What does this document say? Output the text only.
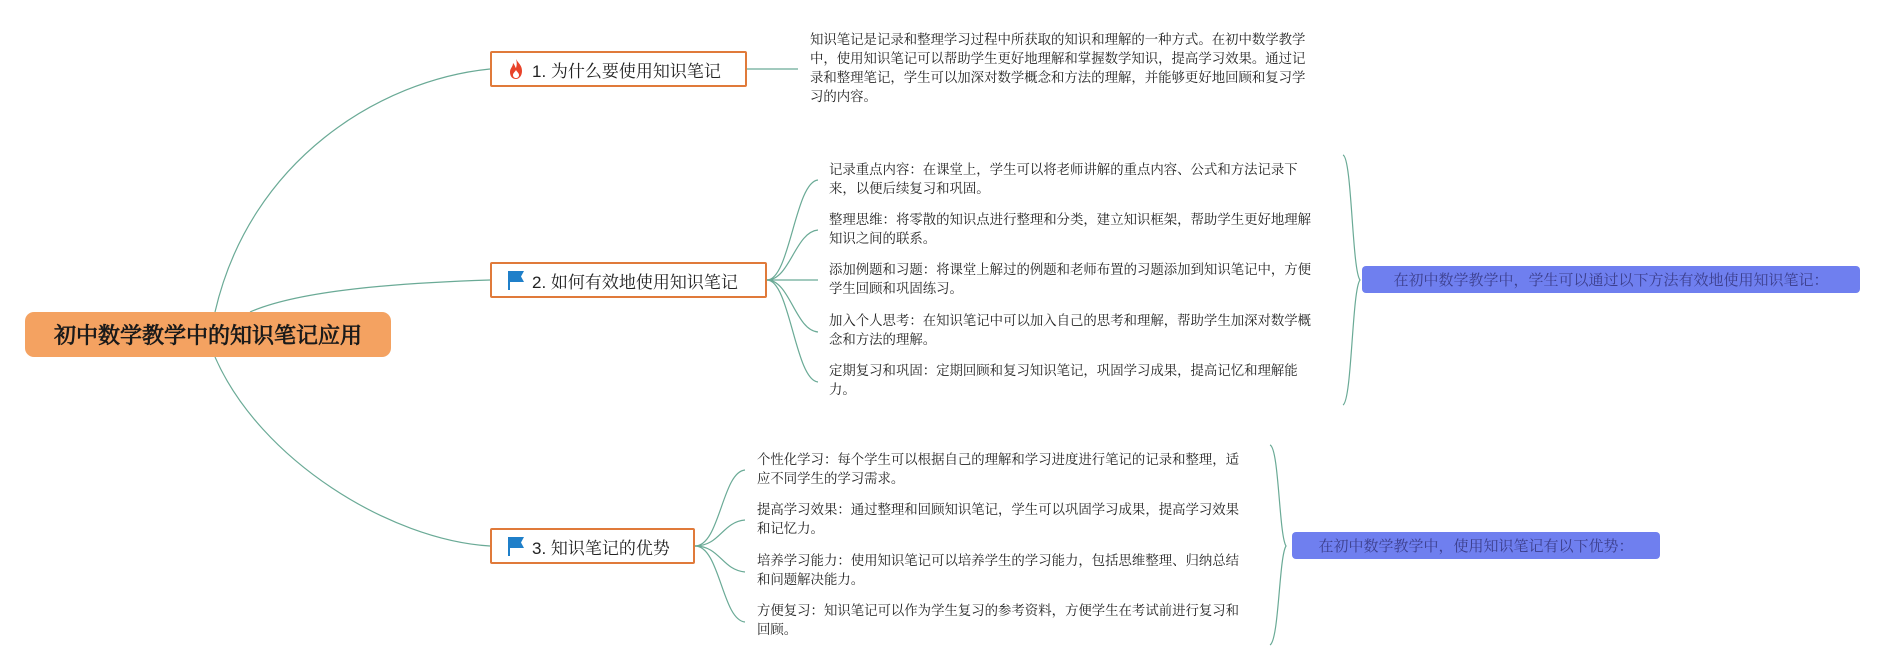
初中数学教学中的知识笔记应用
1. 为什么要使用知识笔记
2. 如何有效地使用知识笔记
3. 知识笔记的优势
知识笔记是记录和整理学习过程中所获取的知识和理解的一种方式。在初中数学教学中，使用知识笔记可以帮助学生更好地理解和掌握数学知识，提高学习效果。通过记录和整理笔记，学生可以加深对数学概念和方法的理解，并能够更好地回顾和复习学习的内容。
记录重点内容：在课堂上，学生可以将老师讲解的重点内容、公式和方法记录下来，以便后续复习和巩固。
整理思维：将零散的知识点进行整理和分类，建立知识框架，帮助学生更好地理解知识之间的联系。
添加例题和习题：将课堂上解过的例题和老师布置的习题添加到知识笔记中，方便学生回顾和巩固练习。
加入个人思考：在知识笔记中可以加入自己的思考和理解，帮助学生加深对数学概念和方法的理解。
定期复习和巩固：定期回顾和复习知识笔记，巩固学习成果，提高记忆和理解能力。
个性化学习：每个学生可以根据自己的理解和学习进度进行笔记的记录和整理，适应不同学生的学习需求。
提高学习效果：通过整理和回顾知识笔记，学生可以巩固学习成果，提高学习效果和记忆力。
培养学习能力：使用知识笔记可以培养学生的学习能力，包括思维整理、归纳总结和问题解决能力。
方便复习：知识笔记可以作为学生复习的参考资料，方便学生在考试前进行复习和回顾。
在初中数学教学中，学生可以通过以下方法有效地使用知识笔记：
在初中数学教学中，使用知识笔记有以下优势：
